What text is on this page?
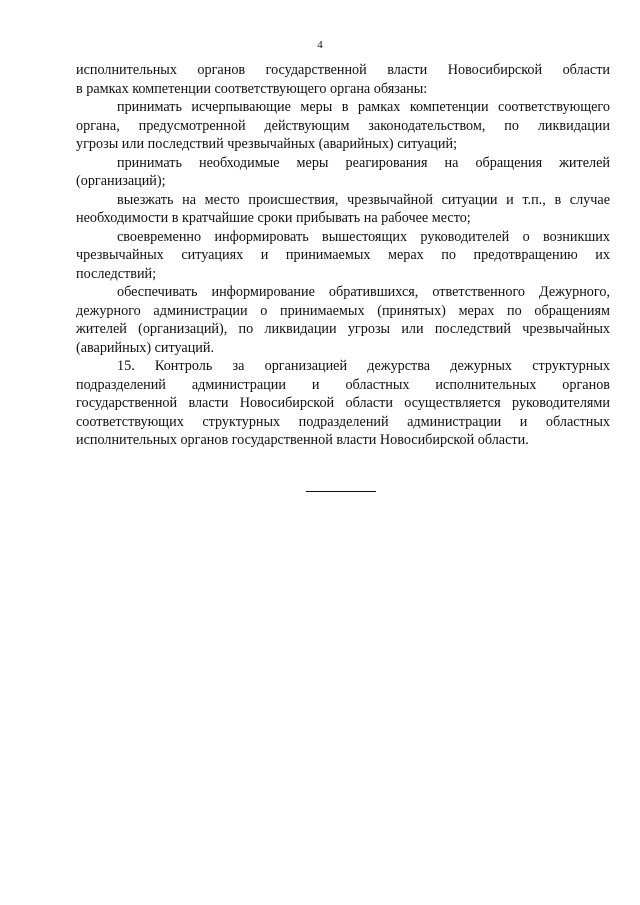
4
исполнительных органов государственной власти Новосибирской области
в рамках компетенции соответствующего органа обязаны:
принимать исчерпывающие меры в рамках компетенции соответствующего
органа, предусмотренной действующим законодательством, по ликвидации
угрозы или последствий чрезвычайных (аварийных) ситуаций;
принимать необходимые меры реагирования на обращения жителей
(организаций);
выезжать на место происшествия, чрезвычайной ситуации и т.п., в случае
необходимости в кратчайшие сроки прибывать на рабочее место;
своевременно информировать вышестоящих руководителей о возникших
чрезвычайных ситуациях и принимаемых мерах по предотвращению их
последствий;
обеспечивать информирование обратившихся, ответственного Дежурного,
дежурного администрации о принимаемых (принятых) мерах по обращениям
жителей (организаций), по ликвидации угрозы или последствий чрезвычайных
(аварийных) ситуаций.
15. Контроль за организацией дежурства дежурных структурных
подразделений администрации и областных исполнительных органов
государственной власти Новосибирской области осуществляется руководителями
соответствующих структурных подразделений администрации и областных
исполнительных органов государственной власти Новосибирской области.
